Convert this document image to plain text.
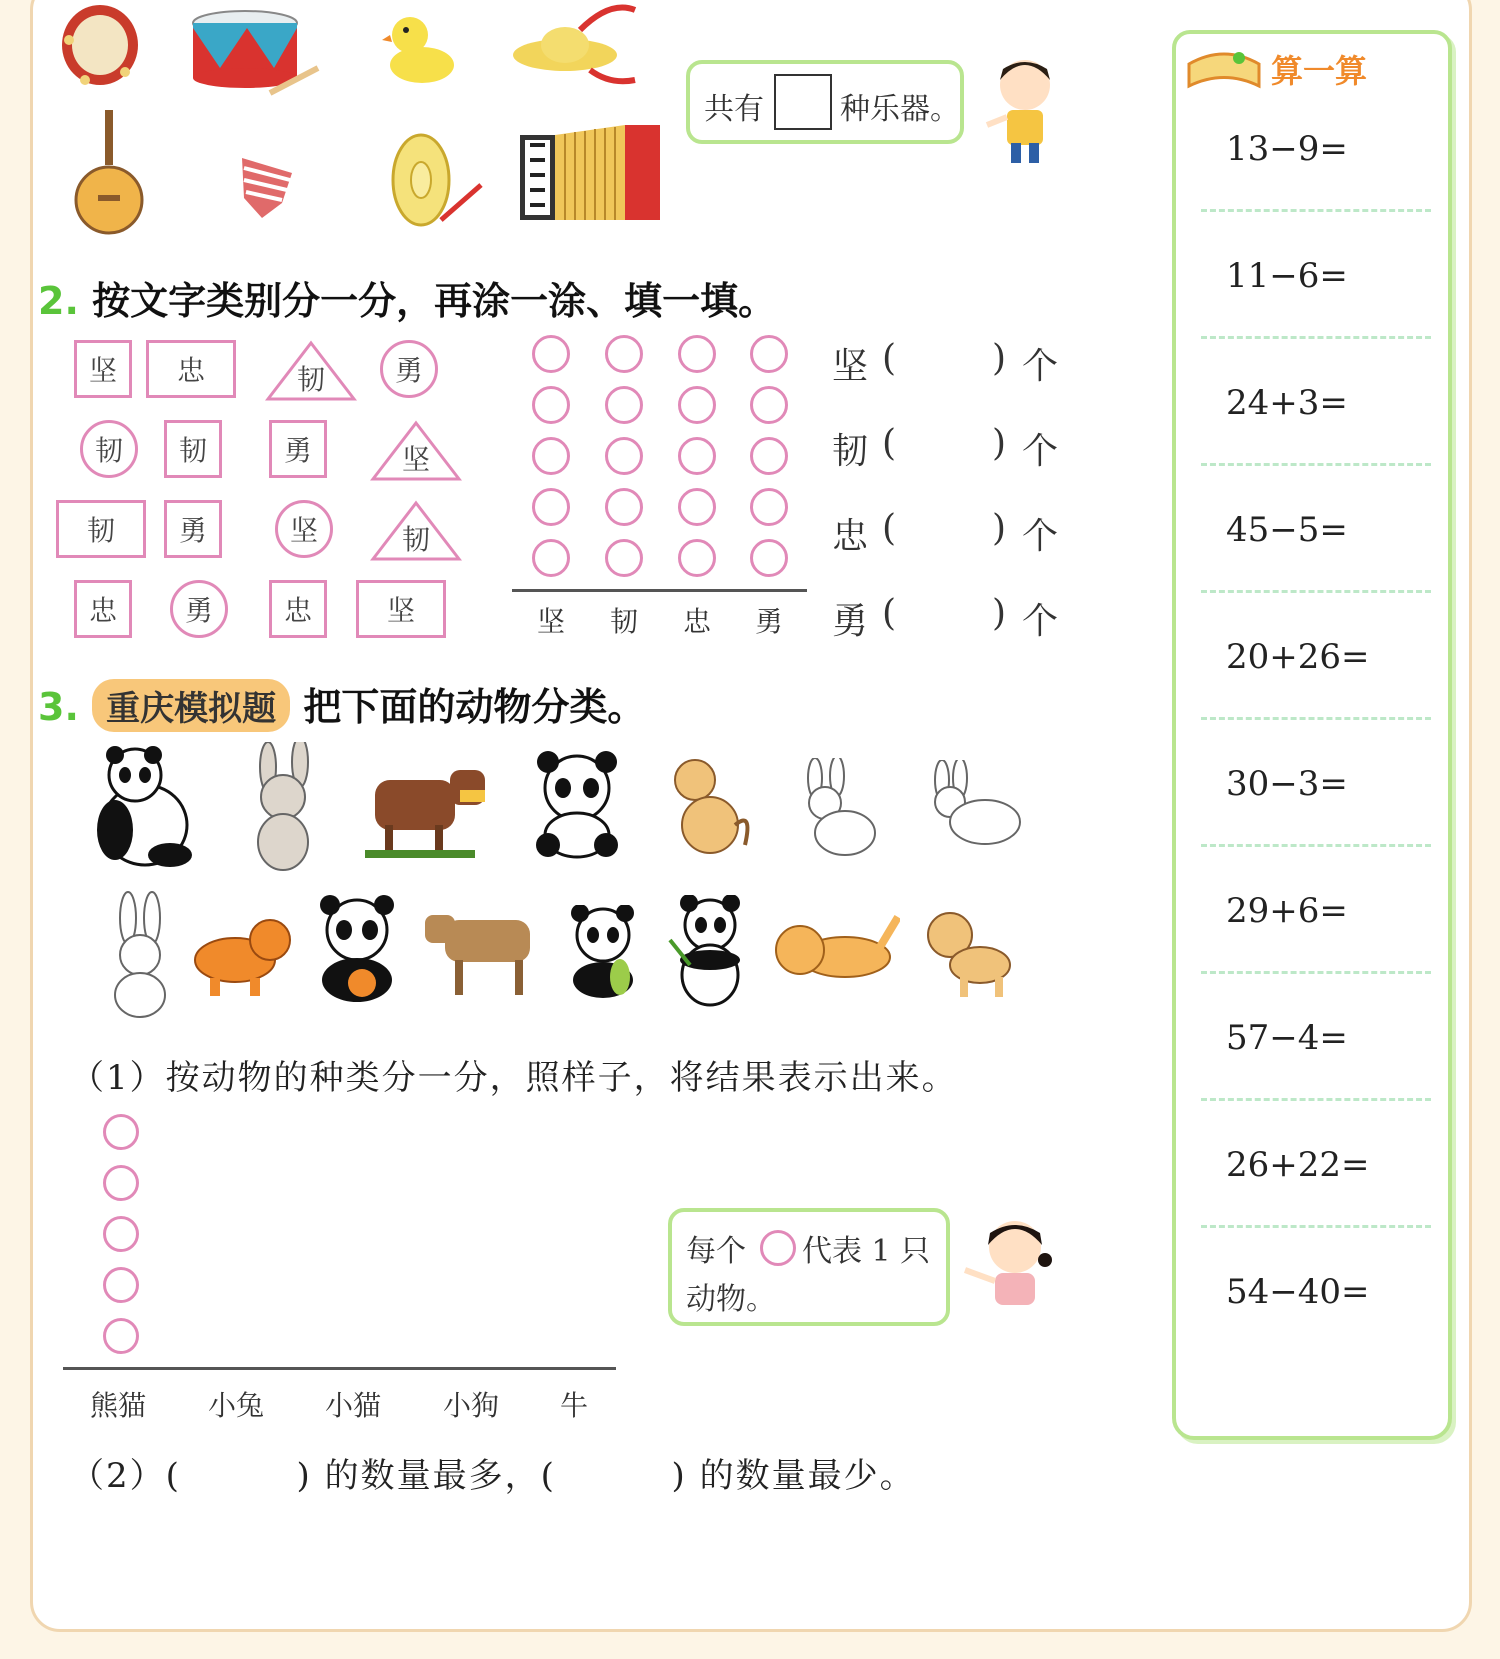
共有	种乐器。
2. 按文字类别分一分，再涂一涂、填一填。
坚	忠	韧	勇
韧	韧	勇	坚
韧	勇	坚	韧
忠	勇	忠	坚	坚 韧 忠 勇
坚 (	) 个
韧 (	) 个
忠 (	) 个
勇 (	) 个
3. 重庆模拟题 把下面的动物分类。
（1）按动物的种类分一分，照样子，将结果表示出来。
熊猫 小兔 小猫 小狗 牛
每个 代表 1 只
动物。
（2）(	) 的数量最多，(	) 的数量最少。
算一算
13−9=
11−6=
24+3=
45−5=
20+26=
30−3=
29+6=
57−4=
26+22=
54−40=
